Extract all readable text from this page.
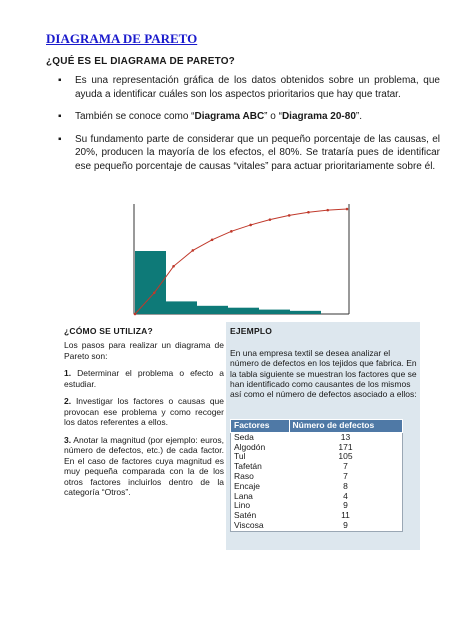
DIAGRAMA DE PARETO
¿QUÉ ES EL DIAGRAMA DE PARETO?
▪ Es una representación gráfica de los datos obtenidos sobre un problema, que ayuda a identificar cuáles son los aspectos prioritarios que hay que tratar.
▪ También se conoce como “Diagrama ABC” o “Diagrama 20-80”.
▪ Su fundamento parte de considerar que un pequeño porcentaje de las causas, el 20%, producen la mayoría de los efectos, el 80%. Se trataría pues de identificar ese pequeño porcentaje de causas “vitales” para actuar prioritariamente sobre él.
¿CÓMO SE UTILIZA?

Los pasos para realizar un diagrama de Pareto son:

1. Determinar el problema o efecto a estudiar.

2. Investigar los factores o causas que provocan ese problema y como recoger los datos referentes a ellos.

3. Anotar la magnitud (por ejemplo: euros, número de defectos, etc.) de cada factor. En el caso de factores cuya magnitud es muy pequeña comparada con la de los otros factores incluirlos dentro de la categoría “Otros”.

EJEMPLO
En una empresa textil se desea analizar el número de defectos en los tejidos que fabrica. En la tabla siguiente se muestran los factores que se han identificado como causantes de los mismos así como el número de defectos asociado a ellos:
Factores	Número de defectos
Seda	13
Algodón	171
Tul	105
Tafetán	7
Raso	7
Encaje	8
Lana	4
Lino	9
Satén	11
Viscosa	9
